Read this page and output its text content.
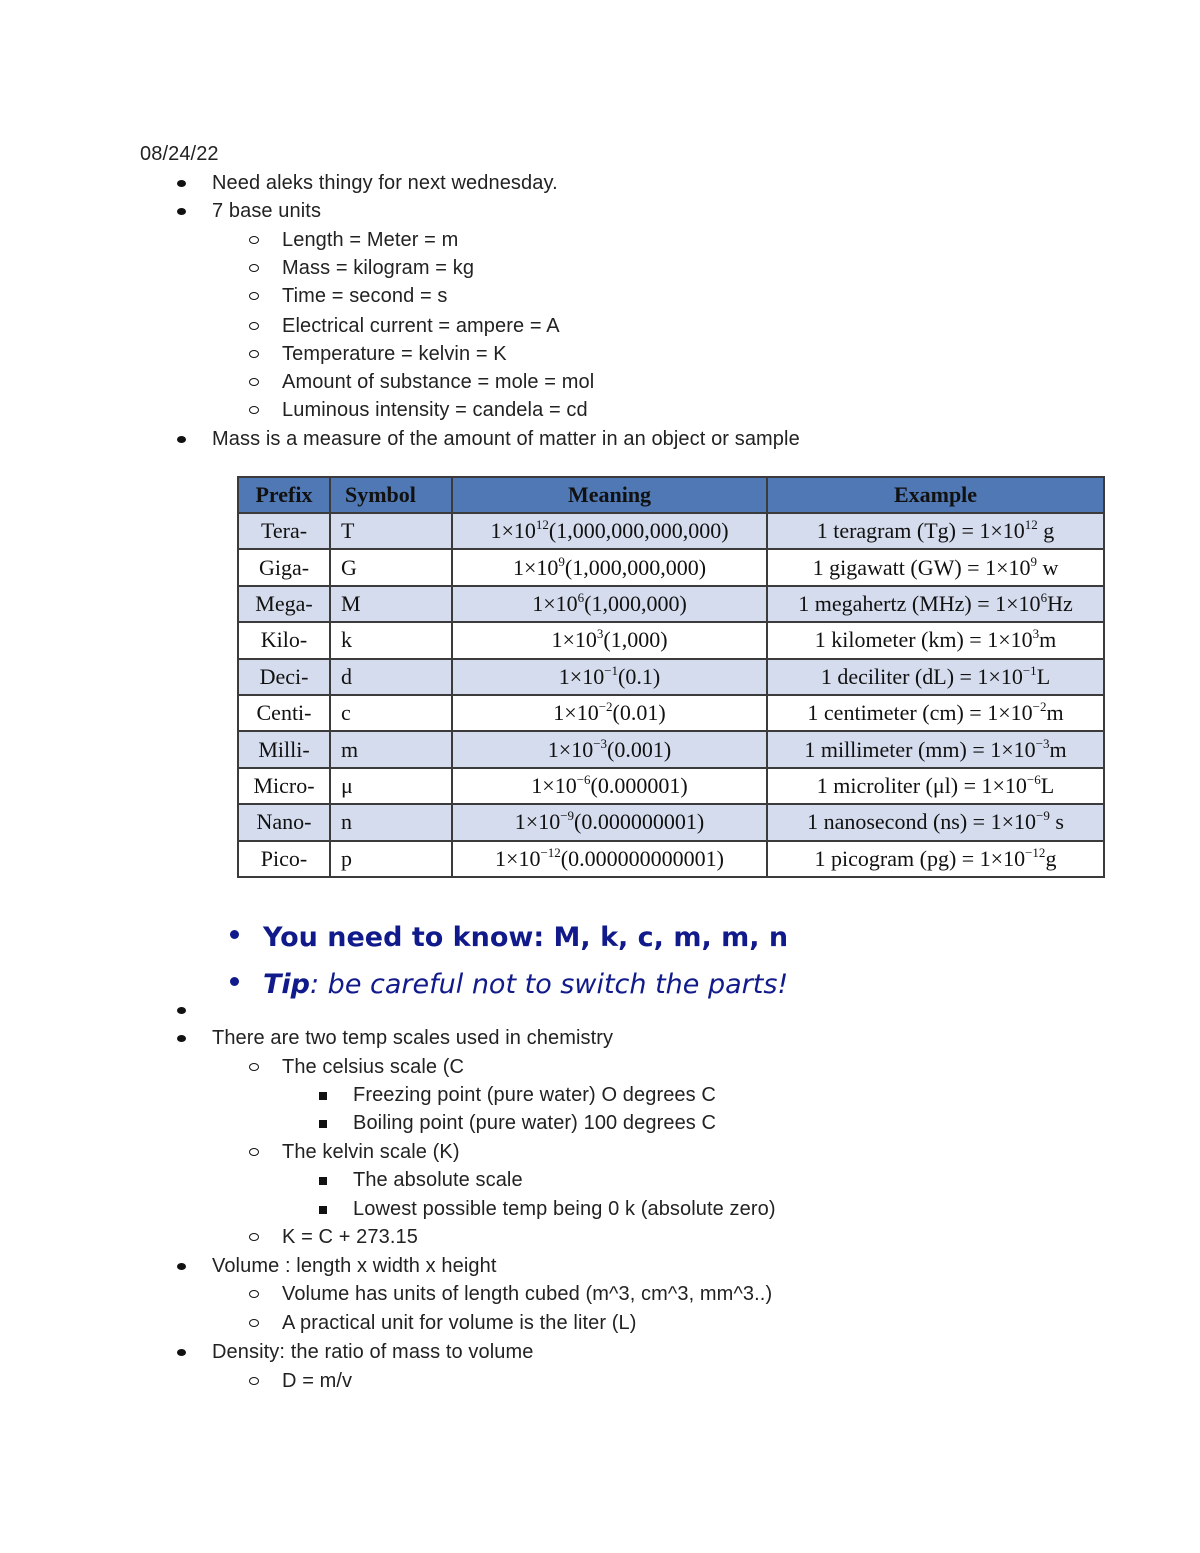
08/24/22
Need aleks thingy for next wednesday.
7 base units
Length = Meter = m
Mass = kilogram = kg
Time = second = s
Electrical current = ampere = A
Temperature = kelvin = K
Amount of substance = mole = mol
Luminous intensity = candela = cd
Mass is a measure of the amount of matter in an object or sample
Prefix	Symbol	Meaning	Example
Tera-	T	$1\times 10^{12}(1,000,000,000,000)$	1 teragram $(Tg) = 1\times 10^{12}$ g
Giga-	G	$1\times 10^9(1,000,000,000)$	1 gigawatt $(GW) = 1\times 10^9$ w
Mega-	M	$1\times 10^6(1,000,000)$	1 megahertz $(MHz) = 1\times 10^6Hz$
Kilo-	k	$1\times 10^3(1,000)$	1 kilometer $(km) = 1\times 10^3m$
Deci-	d	$1\times 10^{-1}(0.1)$	1 deciliter $(dL) = 1\times 10^{-1}L$
Centi-	c	$1\times 10^{-2}(0.01)$	1 centimeter $(cm) = 1\times 10^{-2}m$
Milli-	m	$1\times 10^{-3}(0.001)$	1 millimeter $(mm) = 1\times 10^{-3}m$
Micro-	μ	$1\times 10^{-6}(0.000001)$	1 microliter $(\mu l) = 1\times 10^{-6}L$
Nano-	n	$1\times 10^{-9}(0.000000001)$	1 nanosecond $(ns) = 1\times 10^{-9}$ s
Pico-	p	$1\times 10^{-12}(0.000000000001)$	1 picogram $(pg) = 1\times 10^{-12}g$
You need to know: M, k, c, m, m, n
Tip: be careful not to switch the parts!
There are two temp scales used in chemistry
The celsius scale (C
Freezing point (pure water) O degrees C
Boiling point (pure water) 100 degrees C
The kelvin scale (K)
The absolute scale
Lowest possible temp being 0 k (absolute zero)
K = C + 273.15
Volume : length x width x height
Volume has units of length cubed (m^3, cm^3, mm^3..)
A practical unit for volume is the liter (L)
Density: the ratio of mass to volume
D = m/v
